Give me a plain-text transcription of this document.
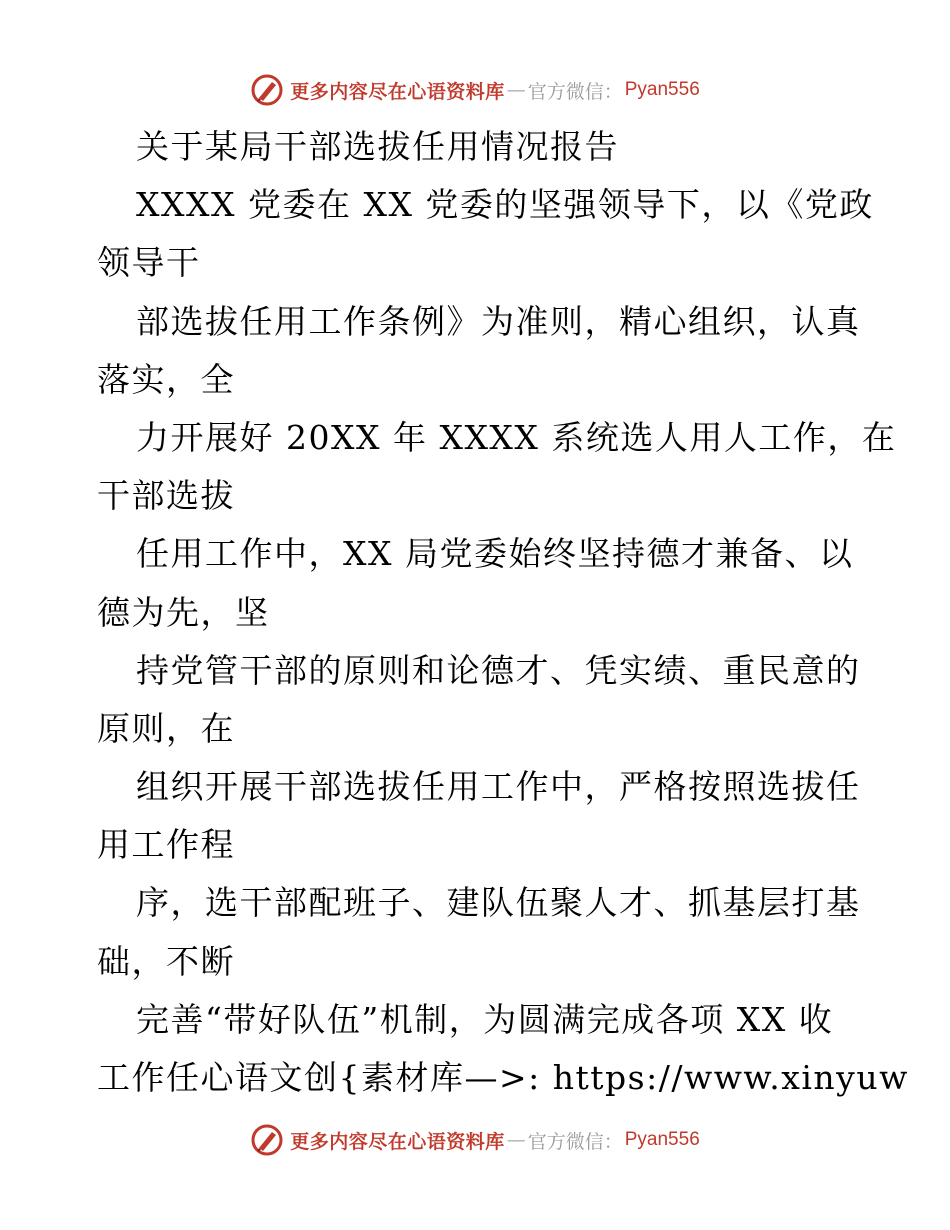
更多内容尽在心语资料库 — 官方微信： Pyan556
关于某局干部选拔任用情况报告
XXXX 党委在 XX 党委的坚强领导下，以《党政
领导干
部选拔任用工作条例》为准则，精心组织，认真
落实，全
力开展好 20XX 年 XXXX 系统选人用人工作，在
干部选拔
任用工作中，XX 局党委始终坚持德才兼备、以
德为先，坚
持党管干部的原则和论德才、凭实绩、重民意的
原则，在
组织开展干部选拔任用工作中，严格按照选拔任
用工作程
序，选干部配班子、建队伍聚人才、抓基层打基
础，不断
完善“带好队伍”机制，为圆满完成各项 XX 收
工作任心语文创{素材库—>: https://www.xinyuw
更多内容尽在心语资料库 — 官方微信： Pyan556
